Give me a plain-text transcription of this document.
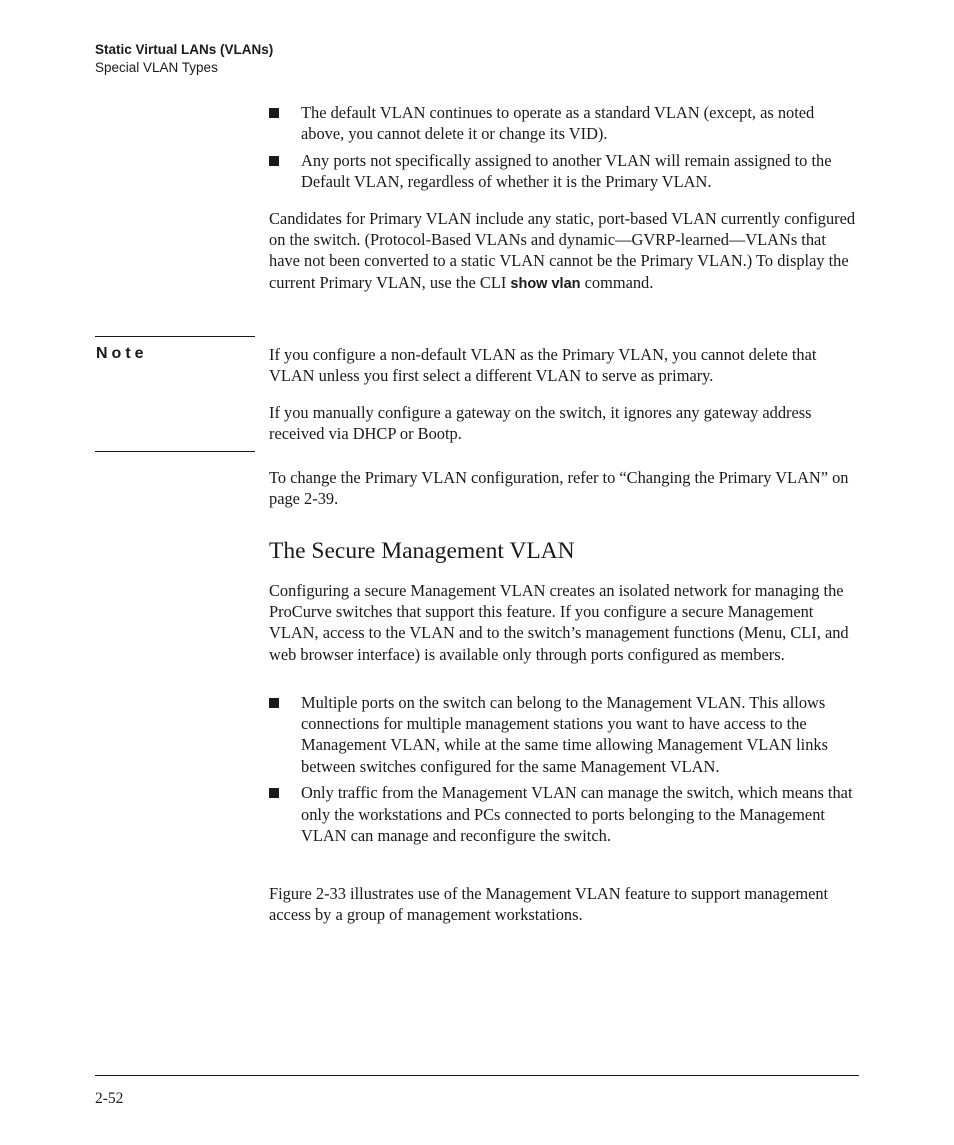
Static Virtual LANs (VLANs)
Special VLAN Types
The default VLAN continues to operate as a standard VLAN (except, as noted above, you cannot delete it or change its VID).
Any ports not specifically assigned to another VLAN will remain assigned to the Default VLAN, regardless of whether it is the Primary VLAN.

Candidates for Primary VLAN include any static, port-based VLAN currently configured on the switch. (Protocol-Based VLANs and dynamic—GVRP-learned—VLANs that have not been converted to a static VLAN cannot be the Primary VLAN.) To display the current Primary VLAN, use the CLI show vlan command.

Note	If you configure a non-default VLAN as the Primary VLAN, you cannot delete that VLAN unless you first select a different VLAN to serve as primary.

If you manually configure a gateway on the switch, it ignores any gateway address received via DHCP or Bootp.

To change the Primary VLAN configuration, refer to “Changing the Primary VLAN” on page 2-39.

The Secure Management VLAN

Configuring a secure Management VLAN creates an isolated network for managing the ProCurve switches that support this feature. If you configure a secure Management VLAN, access to the VLAN and to the switch’s management functions (Menu, CLI, and web browser interface) is available only through ports configured as members.

Multiple ports on the switch can belong to the Management VLAN. This allows connections for multiple management stations you want to have access to the Management VLAN, while at the same time allowing Management VLAN links between switches configured for the same Management VLAN.
Only traffic from the Management VLAN can manage the switch, which means that only the workstations and PCs connected to ports belonging to the Management VLAN can manage and reconfigure the switch.

Figure 2-33 illustrates use of the Management VLAN feature to support management access by a group of management workstations.

2-52
